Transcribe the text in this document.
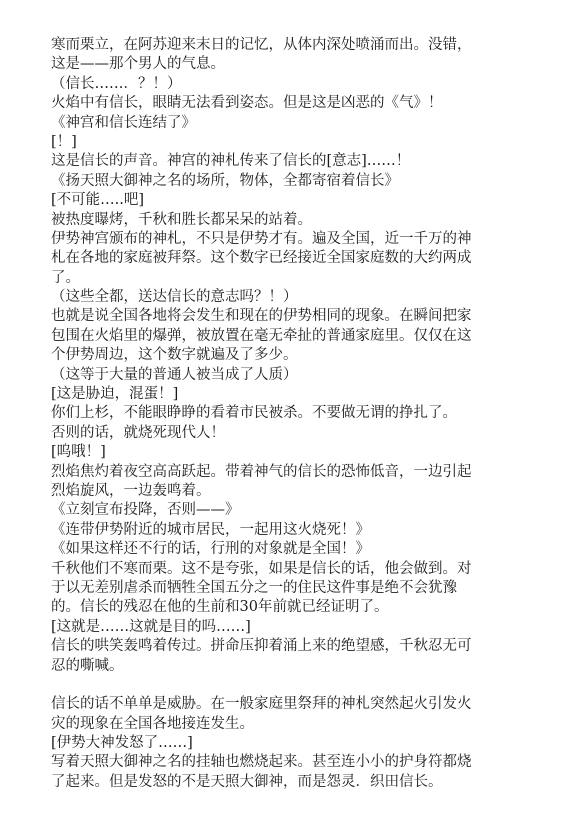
寒而栗立，在阿苏迎来末日的记忆，从体内深处喷涌而出。没错，
这是——那个男人的气息。
（信长……．？！）
火焰中有信长，眼睛无法看到姿态。但是这是凶恶的《气》！
《神宫和信长连结了》
[！]
这是信长的声音。神宫的神札传来了信长的[意志]……！
《扬天照大御神之名的场所，物体，全都寄宿着信长》
[不可能…..吧]
被热度曝烤，千秋和胜长都呆呆的站着。
伊势神宫颁布的神札，不只是伊势才有。遍及全国，近一千万的神
札在各地的家庭被拜祭。这个数字已经接近全国家庭数的大约两成
了。
（这些全都，送达信长的意志吗？！）
也就是说全国各地将会发生和现在的伊势相同的现象。在瞬间把家
包围在火焰里的爆弹，被放置在毫无牵扯的普通家庭里。仅仅在这
个伊势周边，这个数字就遍及了多少。
（这等于大量的普通人被当成了人质）
[这是胁迫，混蛋！]
你们上杉，不能眼睁睁的看着市民被杀。不要做无谓的挣扎了。
否则的话，就烧死现代人！
[呜哦！]
烈焰焦灼着夜空高高跃起。带着神气的信长的恐怖低音，一边引起
烈焰旋风，一边轰鸣着。
《立刻宣布投降，否则——》
《连带伊势附近的城市居民，一起用这火烧死！》
《如果这样还不行的话，行刑的对象就是全国！》
千秋他们不寒而栗。这不是夸张，如果是信长的话，他会做到。对
于以无差别虐杀而牺牲全国五分之一的住民这件事是绝不会犹豫
的。信长的残忍在他的生前和30年前就已经证明了。
[这就是……这就是目的吗……]
信长的哄笑轰鸣着传过。拼命压抑着涌上来的绝望感，千秋忍无可
忍的嘶喊。
信长的话不单单是威胁。在一般家庭里祭拜的神札突然起火引发火
灾的现象在全国各地接连发生。
[伊势大神发怒了……]
写着天照大御神之名的挂轴也燃烧起来。甚至连小小的护身符都烧
了起来。但是发怒的不是天照大御神，而是怨灵．织田信长。
